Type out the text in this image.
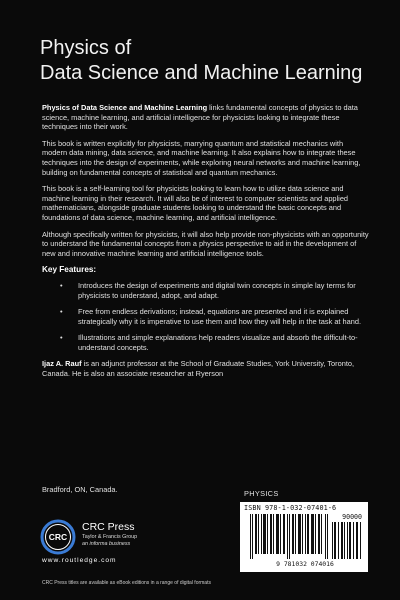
Physics of
Data Science and Machine Learning

Physics of Data Science and Machine Learning links fundamental concepts of physics to data science, machine learning, and artificial intelligence for physicists looking to integrate these techniques into their work.

This book is written explicitly for physicists, marrying quantum and statistical mechanics with modern data mining, data science, and machine learning. It also explains how to integrate these techniques into the design of experiments, while exploring neural networks and machine learning, building on fundamental concepts of statistical and quantum mechanics.

This book is a self-learning tool for physicists looking to learn how to utilize data science and machine learning in their research. It will also be of interest to computer scientists and applied mathematicians, alongside graduate students looking to understand the basic concepts and foundations of data science, machine learning, and artificial intelligence.

Although specifically written for physicists, it will also help provide non-physicists with an opportunity to understand the fundamental concepts from a physics perspective to aid in the development of new and innovative machine learning and artificial intelligence tools.

Key Features:
• Introduces the design of experiments and digital twin concepts in simple lay terms for physicists to understand, adopt, and adapt.
• Free from endless derivations; instead, equations are presented and it is explained strategically why it is imperative to use them and how they will help in the task at hand.
• Illustrations and simple explanations help readers visualize and absorb the difficult-to-understand concepts.

Ijaz A. Rauf is an adjunct professor at the School of Graduate Studies, York University, Toronto, Canada. He is also an associate researcher at Ryerson

Bradford, ON, Canada.	PHYSICS
ISBN 978-1-032-07401-6
90000
9 781032 074016
CRC
CRC Press
Taylor & Francis Group
an informa business
www.routledge.com
CRC Press titles are available as eBook editions in a range of digital formats
